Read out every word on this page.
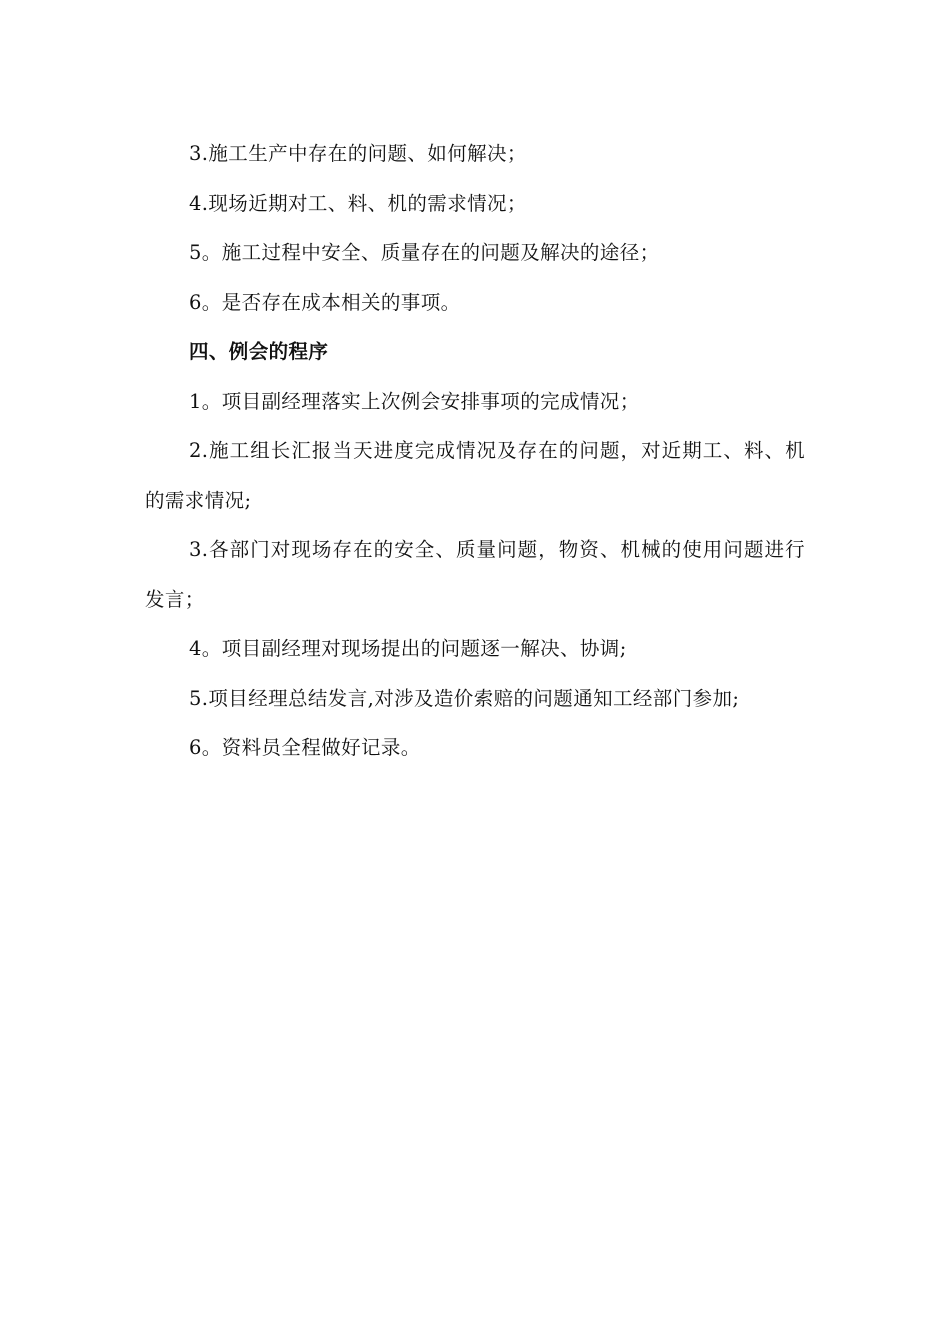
3.施工生产中存在的问题、如何解决；

4.现场近期对工、料、机的需求情况；

5。施工过程中安全、质量存在的问题及解决的途径；

6。是否存在成本相关的事项。

四、例会的程序

1。项目副经理落实上次例会安排事项的完成情况；

2.施工组长汇报当天进度完成情况及存在的问题，对近期工、料、机的需求情况;

3.各部门对现场存在的安全、质量问题，物资、机械的使用问题进行发言；

4。项目副经理对现场提出的问题逐一解决、协调;

5.项目经理总结发言,对涉及造价索赔的问题通知工经部门参加;

6。资料员全程做好记录。
